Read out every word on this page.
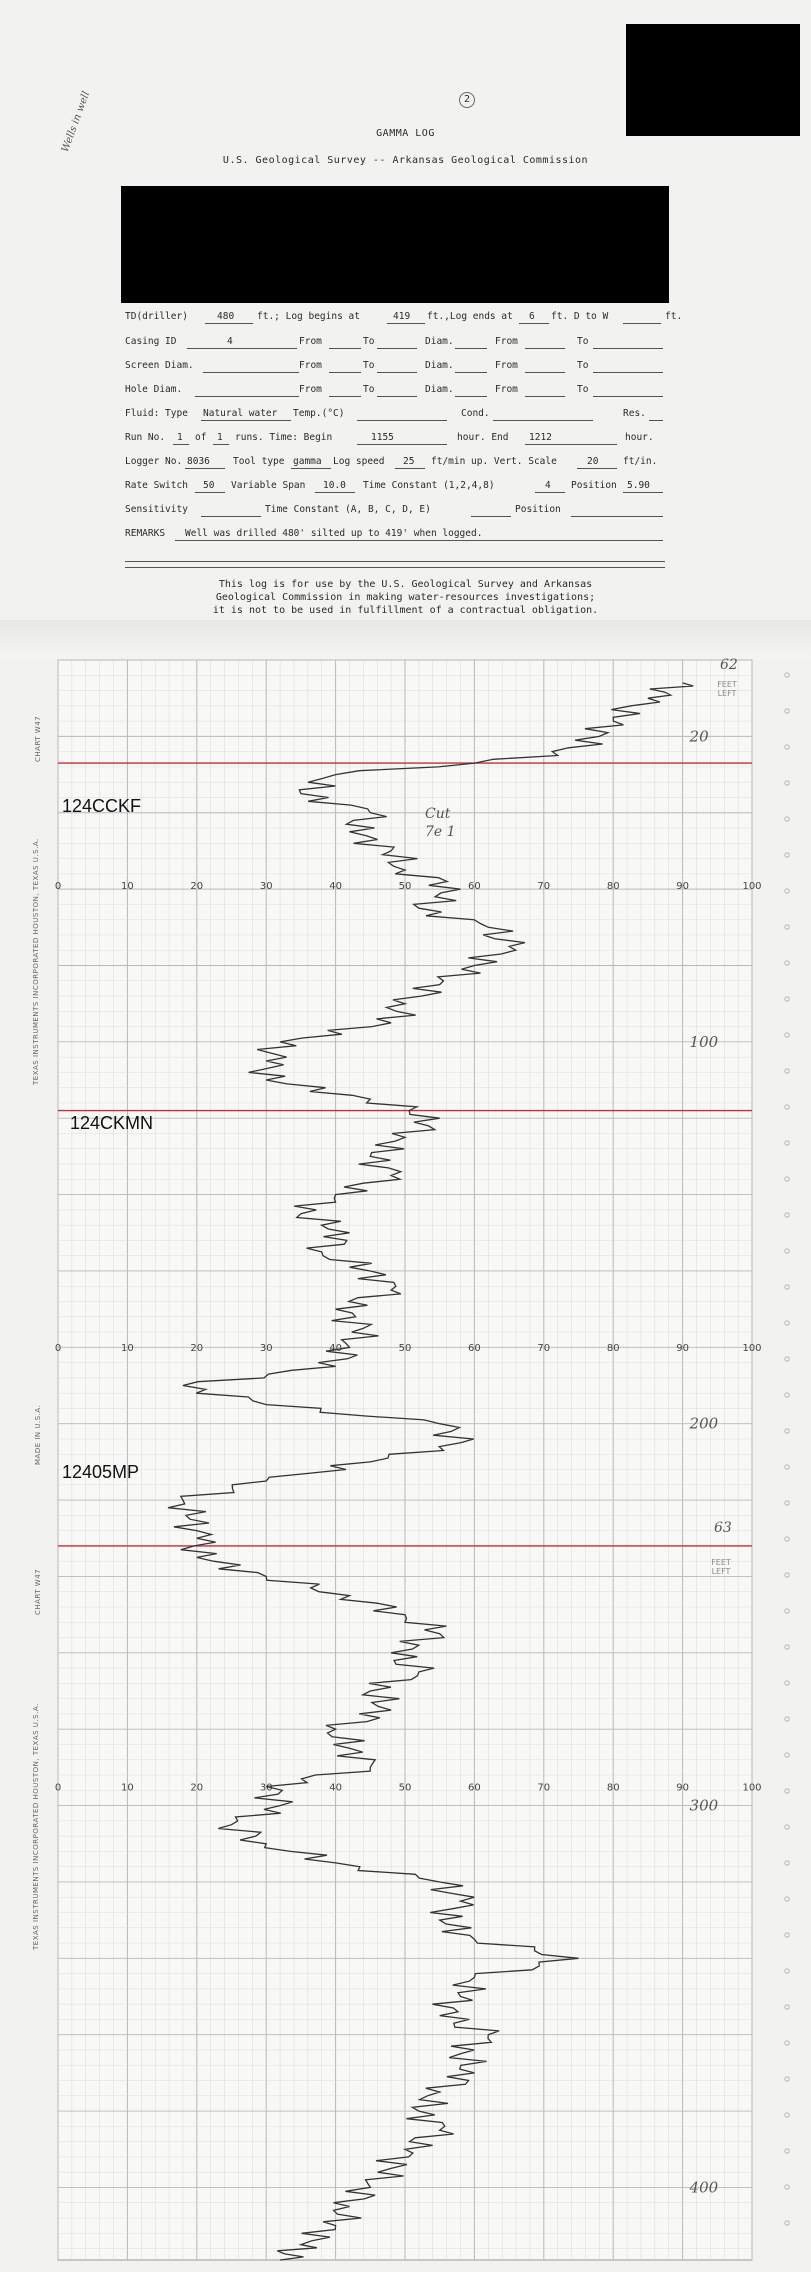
2
Wells in well	GAMMA LOG
U.S. Geological Survey -- Arkansas Geological Commission
TD(driller)	480 ft.; Log begins at	419 ft.,Log ends at 6 ft. D to W	ft.
Casing ID	4	From	To	Diam.	From	To
Screen Diam.	From	To	Diam.	From	To
Hole Diam.	From	To	Diam.	From	To
Fluid: Type Natural water Temp.(°C)	Cond.	Res.
Run No. 1 of 1 runs. Time: Begin	1155	hour. End 1212	hour.
Logger No. 8036 Tool type gamma Log speed 25 ft/min up. Vert. Scale	20	ft/in.
Rate Switch 50 Variable Span 10.0 Time Constant (1,2,4,8)	4 Position 5.90
Sensitivity	Time Constant (A, B, C, D, E)	Position
REMARKS Well was drilled 480' silted up to 419' when logged.
This log is for use by the U.S. Geological Survey and Arkansas
Geological Commission in making water-resources investigations;
it is not to be used in fulfillment of a contractual obligation.
0	10	20	30	40	50	60	70	80	90	100
0	10	20	30	40	50	60	70	80	90	100
0	10	20	30	40	50	60	70	80	90	100
20
100
200
300
400
TEXAS INSTRUMENTS INCORPORATED HOUSTON, TEXAS U.S.A.
TEXAS INSTRUMENTS INCORPORATED HOUSTON, TEXAS U.S.A.
CHART W47
CHART W47
MADE IN U.S.A.
62
63
FEET LEFT
FEET LEFT
Cut 7e 1
124CCKF
124CKMN
12405MP
